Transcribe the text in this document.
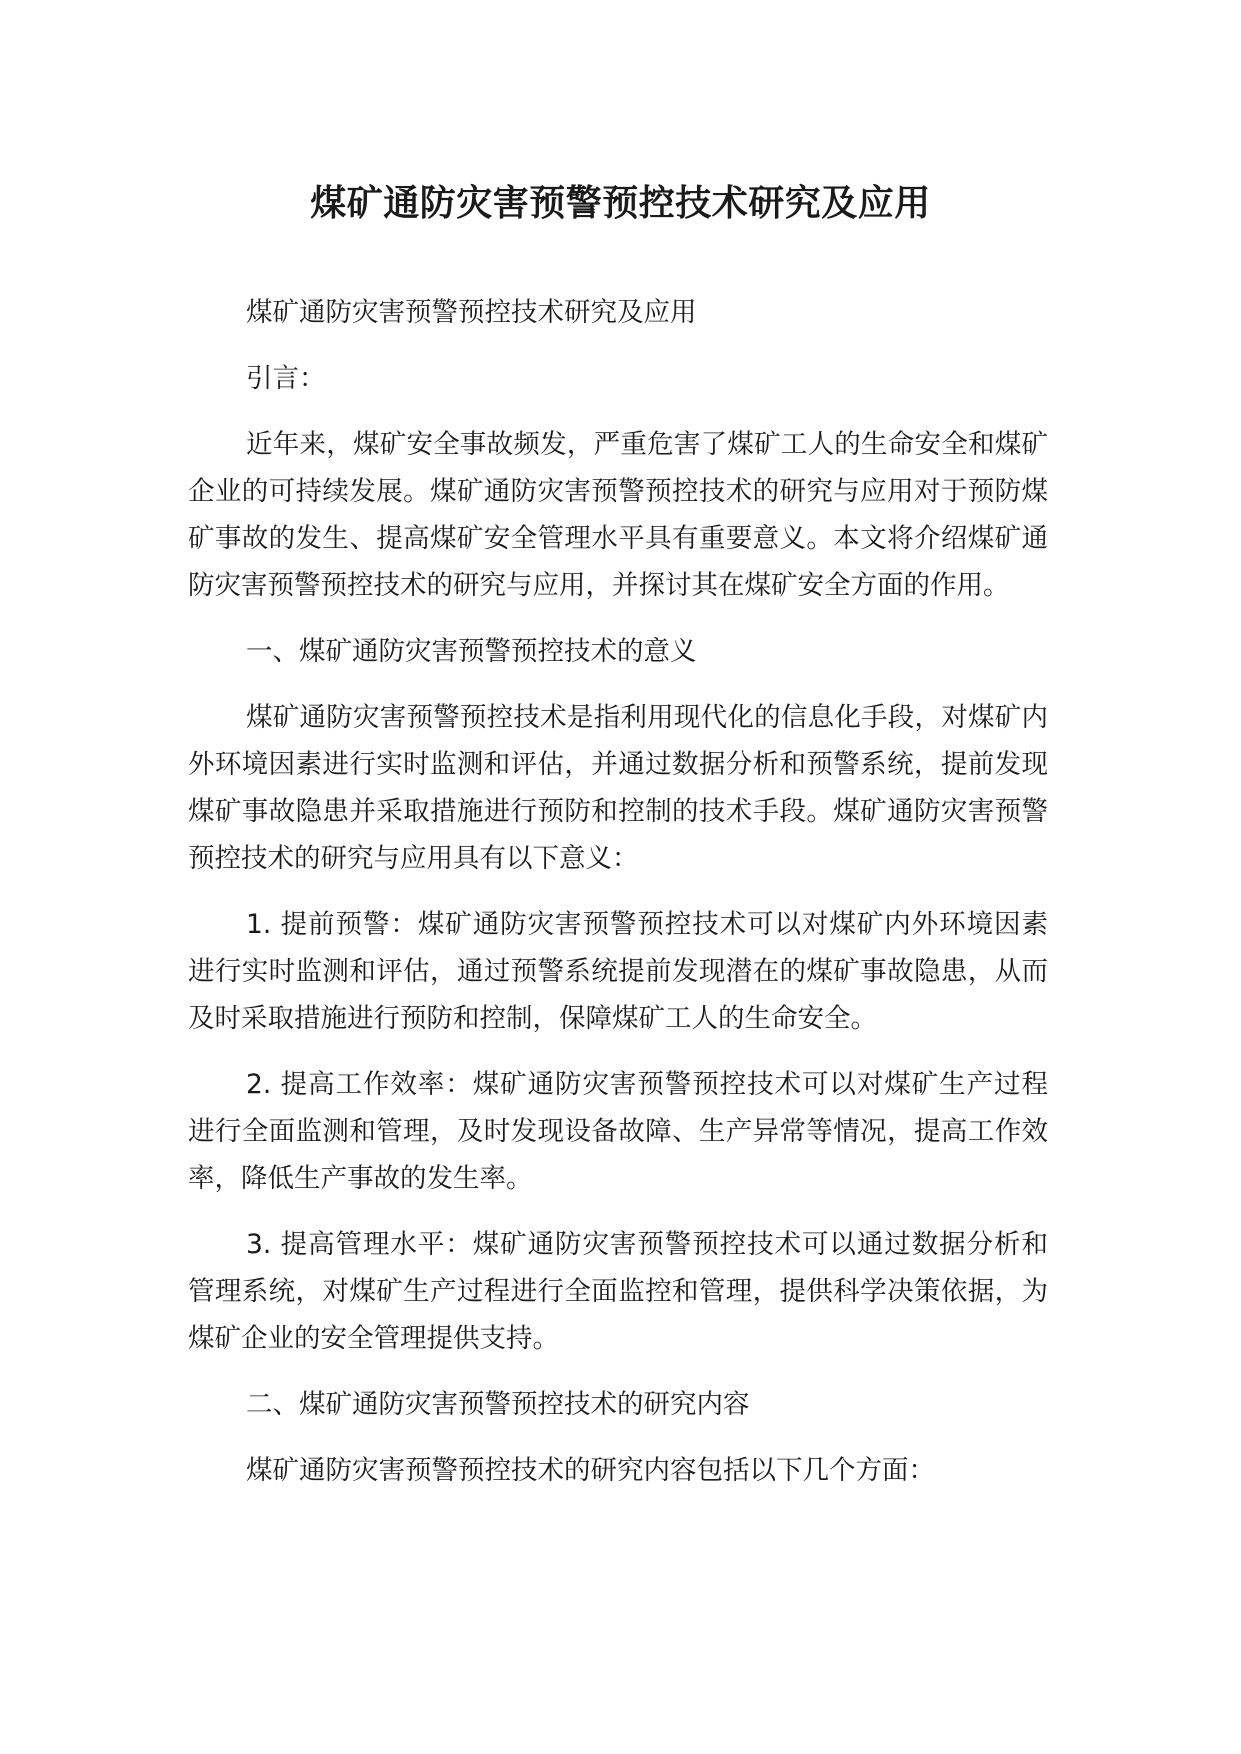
煤矿通防灾害预警预控技术研究及应用

煤矿通防灾害预警预控技术研究及应用

引言：

近年来，煤矿安全事故频发，严重危害了煤矿工人的生命安全和煤矿企业的可持续发展。煤矿通防灾害预警预控技术的研究与应用对于预防煤矿事故的发生、提高煤矿安全管理水平具有重要意义。本文将介绍煤矿通防灾害预警预控技术的研究与应用，并探讨其在煤矿安全方面的作用。

一、煤矿通防灾害预警预控技术的意义

煤矿通防灾害预警预控技术是指利用现代化的信息化手段，对煤矿内外环境因素进行实时监测和评估，并通过数据分析和预警系统，提前发现煤矿事故隐患并采取措施进行预防和控制的技术手段。煤矿通防灾害预警预控技术的研究与应用具有以下意义：

1. 提前预警：煤矿通防灾害预警预控技术可以对煤矿内外环境因素进行实时监测和评估，通过预警系统提前发现潜在的煤矿事故隐患，从而及时采取措施进行预防和控制，保障煤矿工人的生命安全。

2. 提高工作效率：煤矿通防灾害预警预控技术可以对煤矿生产过程进行全面监测和管理，及时发现设备故障、生产异常等情况，提高工作效率，降低生产事故的发生率。

3. 提高管理水平：煤矿通防灾害预警预控技术可以通过数据分析和管理系统，对煤矿生产过程进行全面监控和管理，提供科学决策依据，为煤矿企业的安全管理提供支持。

二、煤矿通防灾害预警预控技术的研究内容

煤矿通防灾害预警预控技术的研究内容包括以下几个方面：
